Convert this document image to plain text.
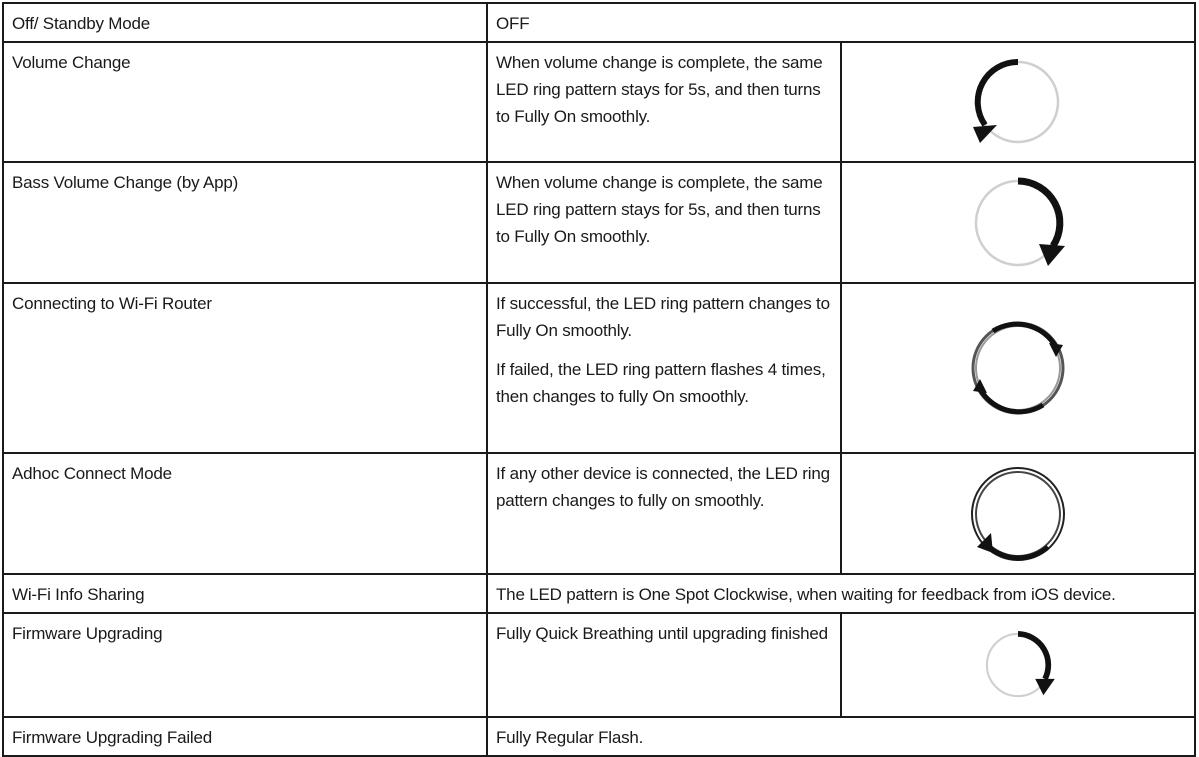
Off/ Standby Mode	OFF	
Volume Change	When volume change is complete, the same LED ring pattern stays for 5s, and then turns to Fully On smoothly.	

Bass Volume Change (by App)	When volume change is complete, the same LED ring pattern stays for 5s, and then turns to Fully On smoothly.	

Connecting to Wi-Fi Router	If successful, the LED ring pattern changes to Fully On smoothly.

If failed, the LED ring pattern flashes 4 times, then changes to fully On smoothly.

Adhoc Connect Mode	If any other device is connected, the LED ring pattern changes to fully on smoothly.	

Wi-Fi Info Sharing	The LED pattern is One Spot Clockwise, when waiting for feedback from iOS device.	
Firmware Upgrading	Fully Quick Breathing until upgrading finished	

Firmware Upgrading Failed	Fully Regular Flash.	
